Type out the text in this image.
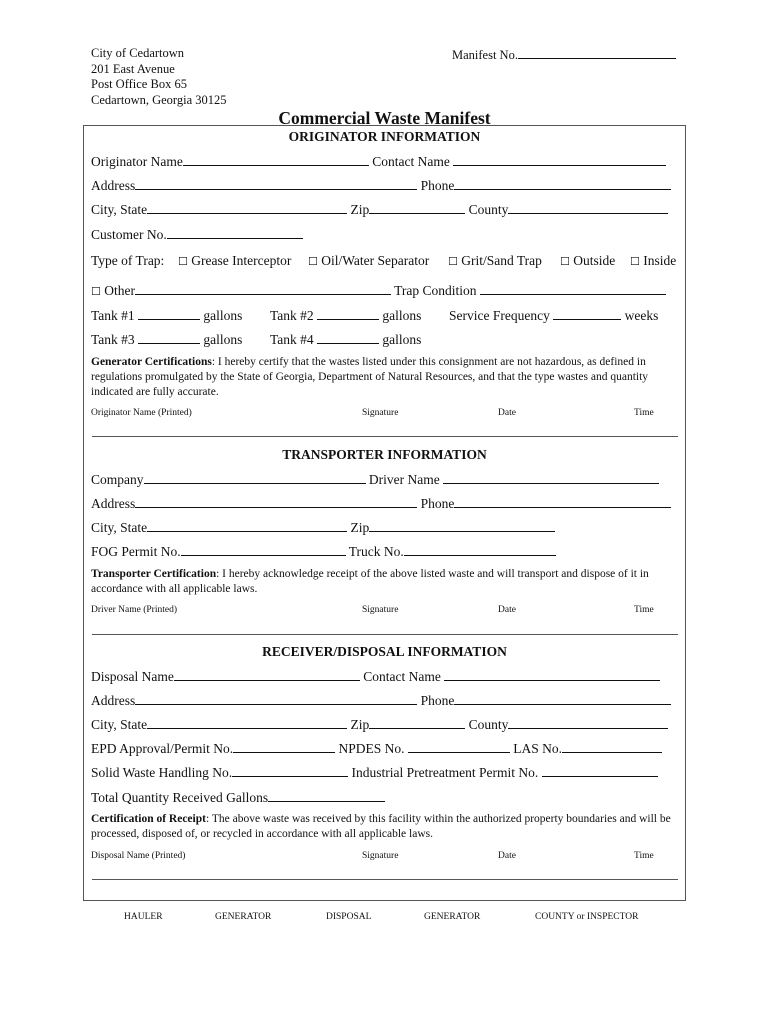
City of Cedartown
201 East Avenue
Post Office Box 65
Cedartown, Georgia 30125
Manifest No.
Commercial Waste Manifest
ORIGINATOR INFORMATION
Originator Name	Contact Name
Address	Phone
City, State	Zip	County
Customer No.
Type of Trap: ☐ Grease Interceptor ☐ Oil/Water Separator ☐ Grit/Sand Trap ☐ Outside ☐ Inside
☐ Other	Trap Condition
Tank #1	gallons Tank #2	gallons Service Frequency	weeks
Tank #3	gallons Tank #4	gallons
Generator Certifications: I hereby certify that the wastes listed under this consignment are not hazardous, as defined in regulations promulgated by the State of Georgia, Department of Natural Resources, and that the type wastes and quantity indicated are fully accurate.
Originator Name (Printed)	Signature	Date	Time
TRANSPORTER INFORMATION
Company	Driver Name
Address	Phone
City, State	Zip
FOG Permit No.	Truck No.
Transporter Certification: I hereby acknowledge receipt of the above listed waste and will transport and dispose of it in accordance with all applicable laws.
Driver Name (Printed)	Signature	Date	Time
RECEIVER/DISPOSAL INFORMATION
Disposal Name	Contact Name
Address	Phone
City, State	Zip	County
EPD Approval/Permit No.	NPDES No.	LAS No.
Solid Waste Handling No.	Industrial Pretreatment Permit No.
Total Quantity Received Gallons
Certification of Receipt: The above waste was received by this facility within the authorized property boundaries and will be processed, disposed of, or recycled in accordance with all applicable laws.
Disposal Name (Printed)	Signature	Date	Time
HAULER	GENERATOR	DISPOSAL	GENERATOR	COUNTY or INSPECTOR
